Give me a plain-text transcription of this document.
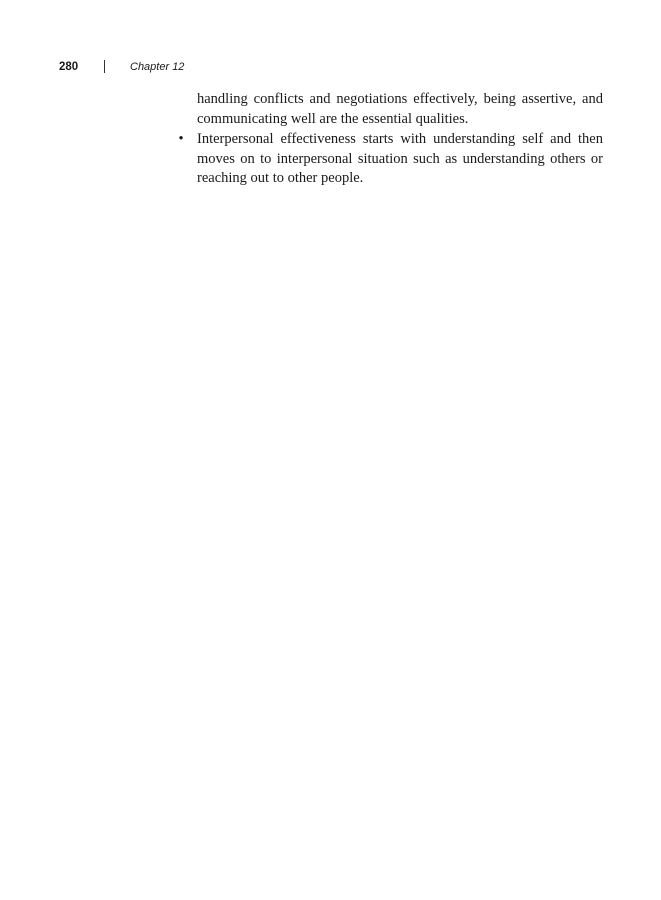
280	Chapter 12

handling conflicts and negotiations effectively, being assertive, and communicating well are the essential qualities.

• Interpersonal effectiveness starts with understanding self and then moves on to interpersonal situation such as understanding others or reaching out to other people.
